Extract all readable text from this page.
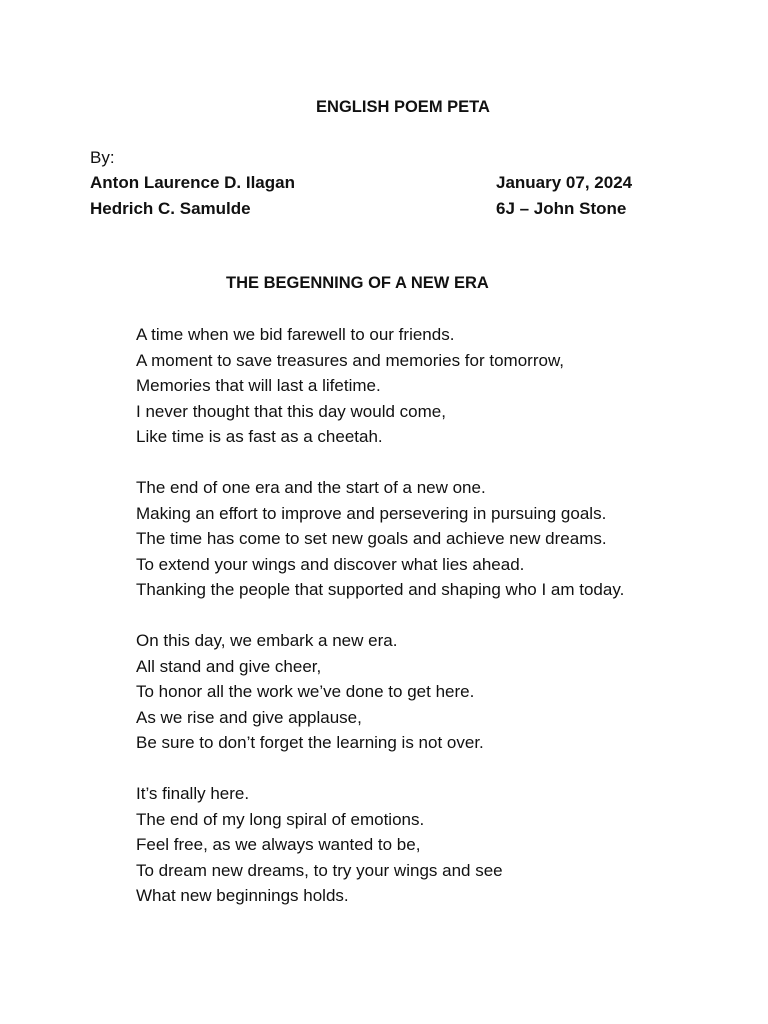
ENGLISH POEM PETA
By:
Anton Laurence D. Ilagan	January 07, 2024
Hedrich C. Samulde	6J – John Stone
THE BEGENNING OF A NEW ERA
A time when we bid farewell to our friends.
A moment to save treasures and memories for tomorrow,
Memories that will last a lifetime.
I never thought that this day would come,
Like time is as fast as a cheetah.
The end of one era and the start of a new one.
Making an effort to improve and persevering in pursuing goals.
The time has come to set new goals and achieve new dreams.
To extend your wings and discover what lies ahead.
Thanking the people that supported and shaping who I am today.
On this day, we embark a new era.
All stand and give cheer,
To honor all the work we’ve done to get here.
As we rise and give applause,
Be sure to don’t forget the learning is not over.
It’s finally here.
The end of my long spiral of emotions.
Feel free, as we always wanted to be,
To dream new dreams, to try your wings and see
What new beginnings holds.
